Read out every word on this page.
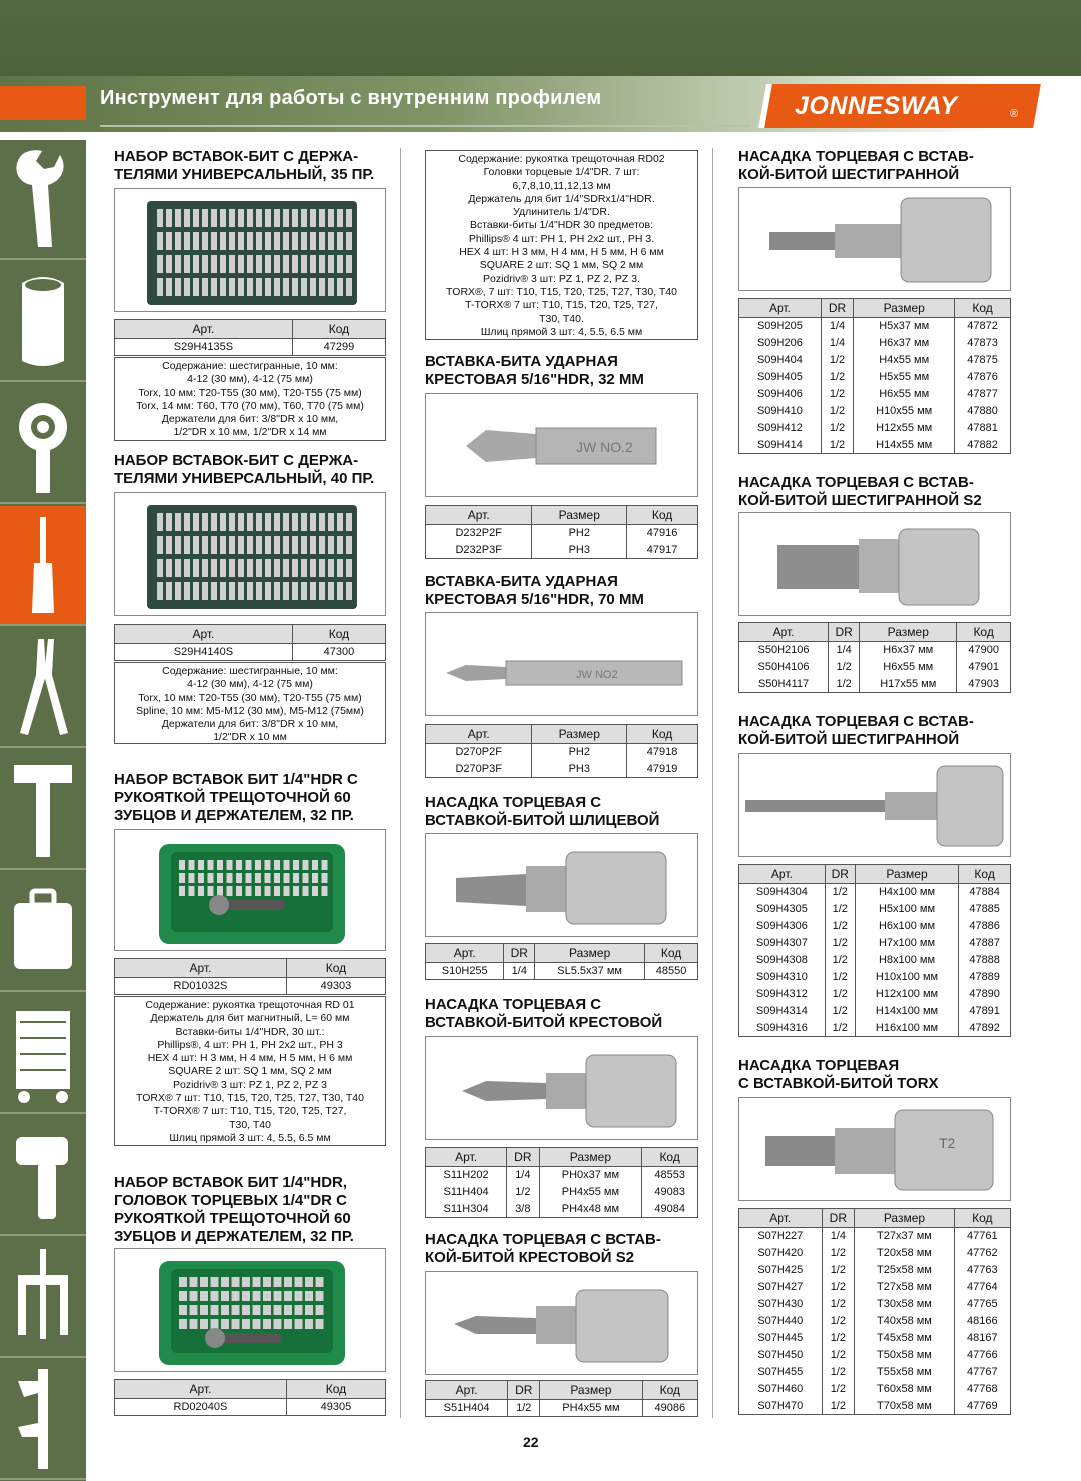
Инструмент для работы с внутренним профилем	JONNESWAY	®
НАБОР ВСТАВОК-БИТ С ДЕРЖА-
ТЕЛЯМИ УНИВЕРСАЛЬНЫЙ, 35 ПР.
Арт.	Код
S29H4135S	47299
Содержание: шестигранные, 10 мм:
4-12 (30 мм), 4-12 (75 мм)
Torx, 10 мм: T20-T55 (30 мм), T20-T55 (75 мм)
Torx, 14 мм: T60, T70 (70 мм), T60, T70 (75 мм)
Держатели для бит: 3/8"DR x 10 мм,
1/2"DR x 10 мм, 1/2"DR x 14 мм
НАБОР ВСТАВОК-БИТ С ДЕРЖА-
ТЕЛЯМИ УНИВЕРСАЛЬНЫЙ, 40 ПР.
Арт.	Код
S29H4140S	47300
Содержание: шестигранные, 10 мм:
4-12 (30 мм), 4-12 (75 мм)
Torx, 10 мм: T20-T55 (30 мм), T20-T55 (75 мм)
Spline, 10 мм: M5-M12 (30 мм), M5-M12 (75мм)
Держатели для бит: 3/8"DR x 10 мм,
1/2"DR x 10 мм
НАБОР ВСТАВОК БИТ 1/4"HDR С
РУКОЯТКОЙ ТРЕЩОТОЧНОЙ 60
ЗУБЦОВ И ДЕРЖАТЕЛЕМ, 32 ПР.
Арт.	Код
RD01032S	49303
Содержание: рукоятка трещоточная RD 01
Держатель для бит магнитный, L= 60 мм
Вставки-биты 1/4"HDR, 30 шт.:
Phillips®, 4 шт: PH 1, PH 2x2 шт., PH 3
HEX 4 шт: H 3 мм, H 4 мм, H 5 мм, H 6 мм
SQUARE 2 шт: SQ 1 мм, SQ 2 мм
Pozidriv® 3 шт: PZ 1, PZ 2, PZ 3
TORX® 7 шт: T10, T15, T20, T25, T27, T30, T40
T-TORX® 7 шт: T10, T15, T20, T25, T27,
T30, T40
Шлиц прямой 3 шт: 4, 5.5, 6.5 мм
НАБОР ВСТАВОК БИТ 1/4"HDR,
ГОЛОВОК ТОРЦЕВЫХ 1/4"DR С
РУКОЯТКОЙ ТРЕЩОТОЧНОЙ 60
ЗУБЦОВ И ДЕРЖАТЕЛЕМ, 32 ПР.
Арт.	Код
RD02040S	49305
Содержание: рукоятка трещоточная RD02
Головки торцевые 1/4"DR. 7 шт:
6,7,8,10,11,12,13 мм
Держатель для бит 1/4"SDRx1/4"HDR.
Удлинитель 1/4"DR.
Вставки-биты 1/4"HDR 30 предметов:
Phillips® 4 шт: PH 1, PH 2x2 шт., PH 3.
HEX 4 шт: H 3 мм, H 4 мм, H 5 мм, H 6 мм
SQUARE 2 шт: SQ 1 мм, SQ 2 мм
Pozidriv® 3 шт: PZ 1, PZ 2, PZ 3.
TORX®, 7 шт: T10, T15, T20, T25, T27, T30, T40
T-TORX® 7 шт: T10, T15, T20, T25, T27,
T30, T40.
Шлиц прямой 3 шт: 4, 5.5, 6.5 мм
ВСТАВКА-БИТА УДАРНАЯ
КРЕСТОВАЯ 5/16"HDR, 32 ММ
JW NO.2
Арт.	Размер	Код
D232P2F	PH2	47916
D232P3F	PH3	47917
ВСТАВКА-БИТА УДАРНАЯ
КРЕСТОВАЯ 5/16"HDR, 70 ММ
JW NO2
Арт.	Размер	Код
D270P2F	PH2	47918
D270P3F	PH3	47919
НАСАДКА ТОРЦЕВАЯ С
ВСТАВКОЙ-БИТОЙ ШЛИЦЕВОЙ
Арт.	DR	Размер	Код
S10H255	1/4	SL5.5x37 мм	48550
НАСАДКА ТОРЦЕВАЯ С
ВСТАВКОЙ-БИТОЙ КРЕСТОВОЙ
Арт.	DR	Размер	Код
S11H202	1/4	PH0x37 мм	48553
S11H404	1/2	PH4x55 мм	49083
S11H304	3/8	PH4x48 мм	49084
НАСАДКА ТОРЦЕВАЯ С ВСТАВ-
КОЙ-БИТОЙ КРЕСТОВОЙ S2
Арт.	DR	Размер	Код
S51H404	1/2	PH4x55 мм	49086
НАСАДКА ТОРЦЕВАЯ С ВСТАВ-
КОЙ-БИТОЙ ШЕСТИГРАННОЙ
Арт.	DR	Размер	Код
S09H205	1/4	H5x37 мм	47872
S09H206	1/4	H6x37 мм	47873
S09H404	1/2	H4x55 мм	47875
S09H405	1/2	H5x55 мм	47876
S09H406	1/2	H6x55 мм	47877
S09H410	1/2	H10x55 мм	47880
S09H412	1/2	H12x55 мм	47881
S09H414	1/2	H14x55 мм	47882
НАСАДКА ТОРЦЕВАЯ С ВСТАВ-
КОЙ-БИТОЙ ШЕСТИГРАННОЙ S2
Арт.	DR	Размер	Код
S50H2106	1/4	H6x37 мм	47900
S50H4106	1/2	H6x55 мм	47901
S50H4117	1/2	H17x55 мм	47903
НАСАДКА ТОРЦЕВАЯ С ВСТАВ-
КОЙ-БИТОЙ ШЕСТИГРАННОЙ
Арт.	DR	Размер	Код
S09H4304	1/2	H4x100 мм	47884
S09H4305	1/2	H5x100 мм	47885
S09H4306	1/2	H6x100 мм	47886
S09H4307	1/2	H7x100 мм	47887
S09H4308	1/2	H8x100 мм	47888
S09H4310	1/2	H10x100 мм	47889
S09H4312	1/2	H12x100 мм	47890
S09H4314	1/2	H14x100 мм	47891
S09H4316	1/2	H16x100 мм	47892
НАСАДКА ТОРЦЕВАЯ
С ВСТАВКОЙ-БИТОЙ TORX
T2
Арт.	DR	Размер	Код
S07H227	1/4	T27x37 мм	47761
S07H420	1/2	T20x58 мм	47762
S07H425	1/2	T25x58 мм	47763
S07H427	1/2	T27x58 мм	47764
S07H430	1/2	T30x58 мм	47765
S07H440	1/2	T40x58 мм	48166
S07H445	1/2	T45x58 мм	48167
S07H450	1/2	T50x58 мм	47766
S07H455	1/2	T55x58 мм	47767
S07H460	1/2	T60x58 мм	47768
S07H470	1/2	T70x58 мм	47769
22
